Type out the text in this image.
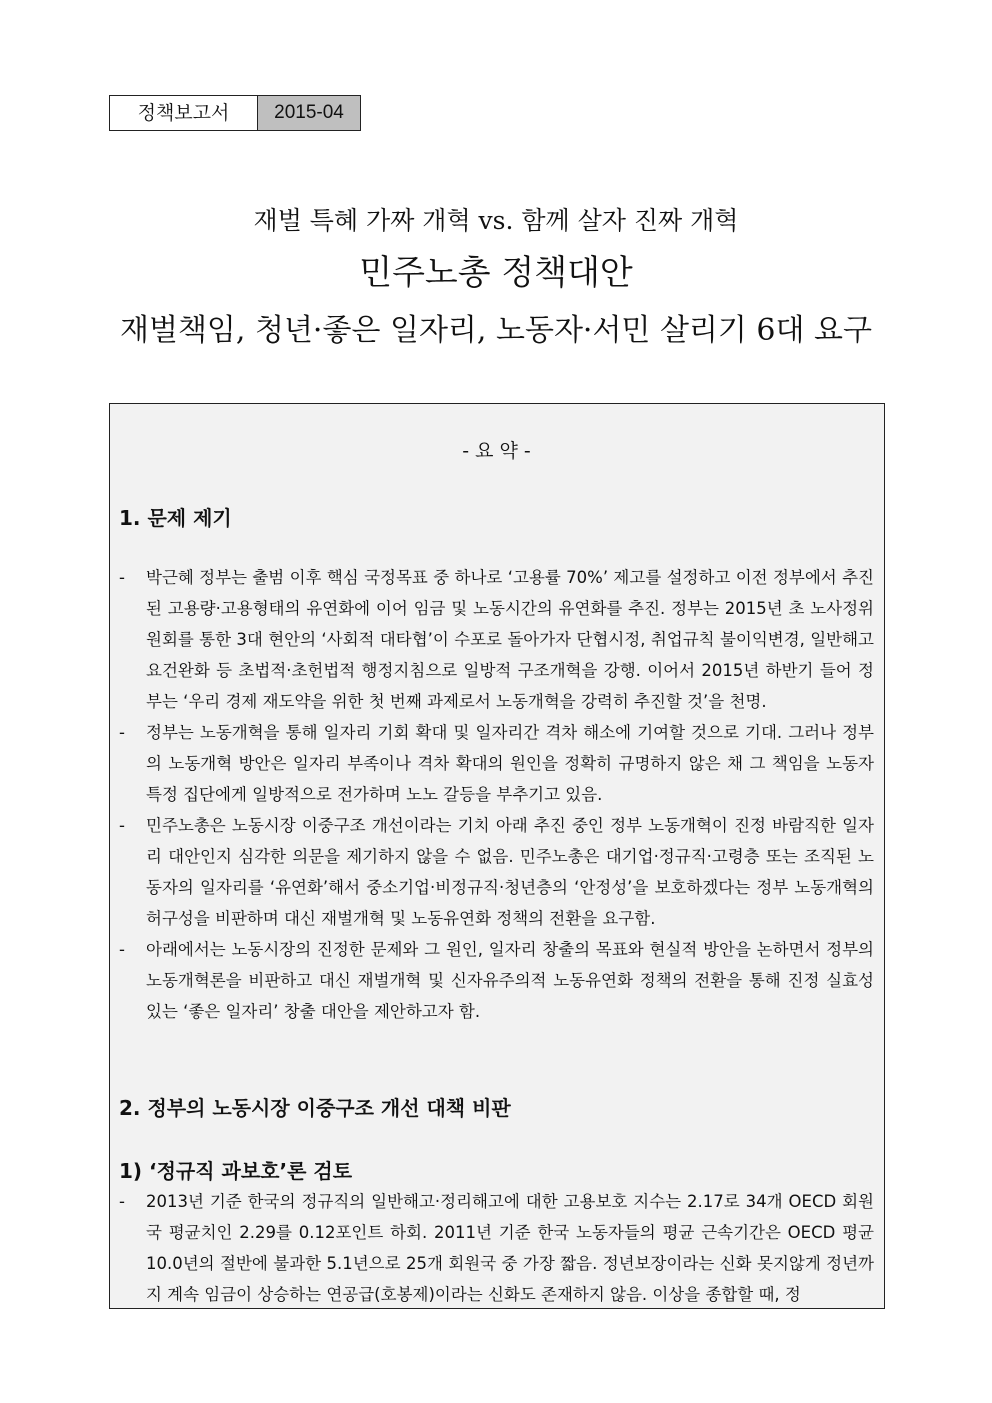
정책보고서	2015-04
재벌 특혜 가짜 개혁 vs. 함께 살자 진짜 개혁
민주노총 정책대안
재벌책임, 청년·좋은 일자리, 노동자·서민 살리기 6대 요구
- 요 약 -
1. 문제 제기
- 박근혜 정부는 출범 이후 핵심 국정목표 중 하나로 ‘고용률 70%’ 제고를 설정하고 이전 정부에서 추진된 고용량·고용형태의 유연화에 이어 임금 및 노동시간의 유연화를 추진. 정부는 2015년 초 노사정위원회를 통한 3대 현안의 ‘사회적 대타협’이 수포로 돌아가자 단협시정, 취업규칙 불이익변경, 일반해고 요건완화 등 초법적·초헌법적 행정지침으로 일방적 구조개혁을 강행. 이어서 2015년 하반기 들어 정부는 ‘우리 경제 재도약을 위한 첫 번째 과제로서 노동개혁을 강력히 추진할 것’을 천명.
- 정부는 노동개혁을 통해 일자리 기회 확대 및 일자리간 격차 해소에 기여할 것으로 기대. 그러나 정부의 노동개혁 방안은 일자리 부족이나 격차 확대의 원인을 정확히 규명하지 않은 채 그 책임을 노동자 특정 집단에게 일방적으로 전가하며 노노 갈등을 부추기고 있음.
- 민주노총은 노동시장 이중구조 개선이라는 기치 아래 추진 중인 정부 노동개혁이 진정 바람직한 일자리 대안인지 심각한 의문을 제기하지 않을 수 없음. 민주노총은 대기업·정규직·고령층 또는 조직된 노동자의 일자리를 ‘유연화’해서 중소기업·비정규직·청년층의 ‘안정성’을 보호하겠다는 정부 노동개혁의 허구성을 비판하며 대신 재벌개혁 및 노동유연화 정책의 전환을 요구함.
- 아래에서는 노동시장의 진정한 문제와 그 원인, 일자리 창출의 목표와 현실적 방안을 논하면서 정부의 노동개혁론을 비판하고 대신 재벌개혁 및 신자유주의적 노동유연화 정책의 전환을 통해 진정 실효성 있는 ‘좋은 일자리’ 창출 대안을 제안하고자 함.
2. 정부의 노동시장 이중구조 개선 대책 비판
1) ‘정규직 과보호’론 검토
- 2013년 기준 한국의 정규직의 일반해고·정리해고에 대한 고용보호 지수는 2.17로 34개 OECD 회원국 평균치인 2.29를 0.12포인트 하회. 2011년 기준 한국 노동자들의 평균 근속기간은 OECD 평균 10.0년의 절반에 불과한 5.1년으로 25개 회원국 중 가장 짧음. 정년보장이라는 신화 못지않게 정년까지 계속 임금이 상승하는 연공급(호봉제)이라는 신화도 존재하지 않음. 이상을 종합할 때, 정
